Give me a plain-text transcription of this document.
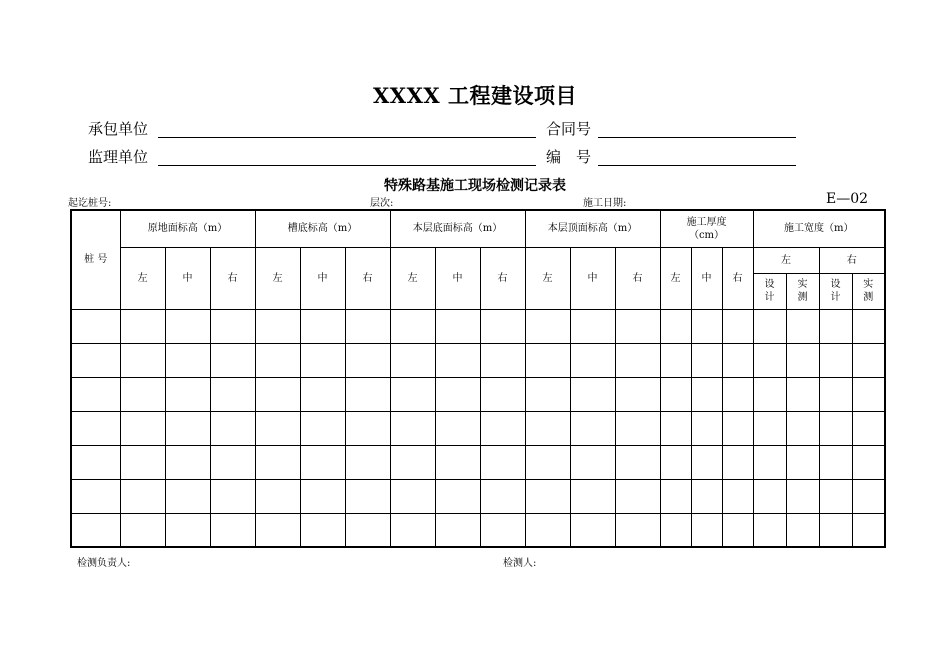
XXXX 工程建设项目
承包单位	合同号
监理单位	编　号
特殊路基施工现场检测记录表
起讫桩号:	层次:	施工日期:	E—02
桩 号	原地面标高（m）			槽底标高（m）			本层底面标高（m）			本层顶面标高（m）			施工厚度（cm）			施工宽度（m）			
	左	中	右	左	中	右	左	中	右	左	中	右	左	中	右	左		右	
																设计	实测	设计	实测

检测负责人:	检测人:
